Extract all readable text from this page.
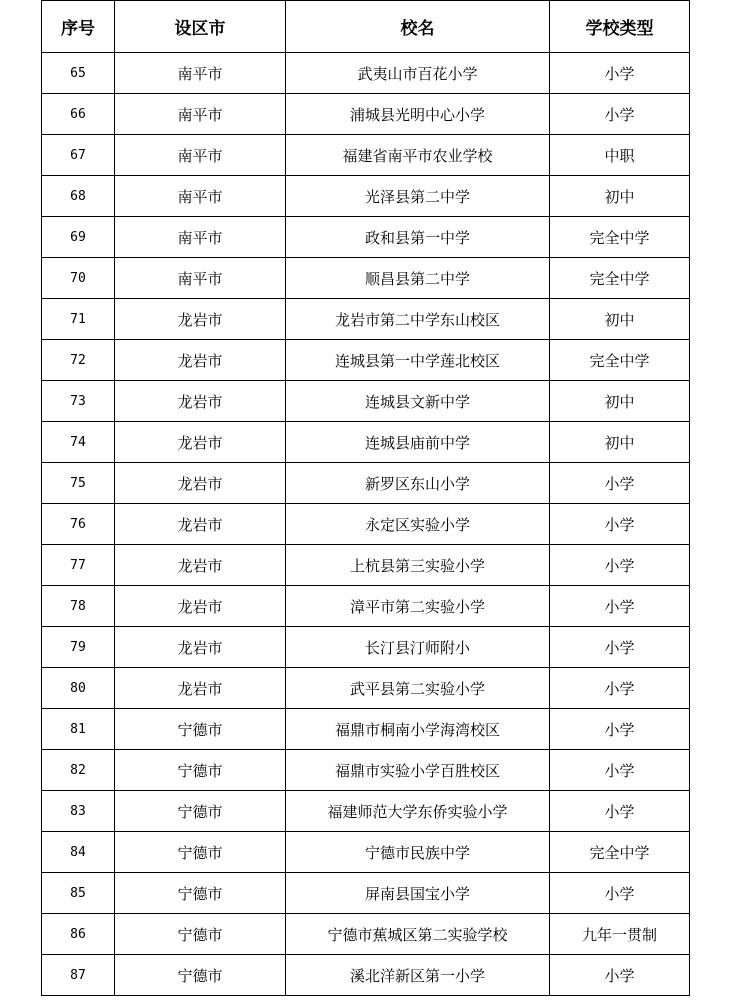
序号	设区市	校名	学校类型
65	南平市	武夷山市百花小学	小学
66	南平市	浦城县光明中心小学	小学
67	南平市	福建省南平市农业学校	中职
68	南平市	光泽县第二中学	初中
69	南平市	政和县第一中学	完全中学
70	南平市	顺昌县第二中学	完全中学
71	龙岩市	龙岩市第二中学东山校区	初中
72	龙岩市	连城县第一中学莲北校区	完全中学
73	龙岩市	连城县文新中学	初中
74	龙岩市	连城县庙前中学	初中
75	龙岩市	新罗区东山小学	小学
76	龙岩市	永定区实验小学	小学
77	龙岩市	上杭县第三实验小学	小学
78	龙岩市	漳平市第二实验小学	小学
79	龙岩市	长汀县汀师附小	小学
80	龙岩市	武平县第二实验小学	小学
81	宁德市	福鼎市桐南小学海湾校区	小学
82	宁德市	福鼎市实验小学百胜校区	小学
83	宁德市	福建师范大学东侨实验小学	小学
84	宁德市	宁德市民族中学	完全中学
85	宁德市	屏南县国宝小学	小学
86	宁德市	宁德市蕉城区第二实验学校	九年一贯制
87	宁德市	溪北洋新区第一小学	小学
